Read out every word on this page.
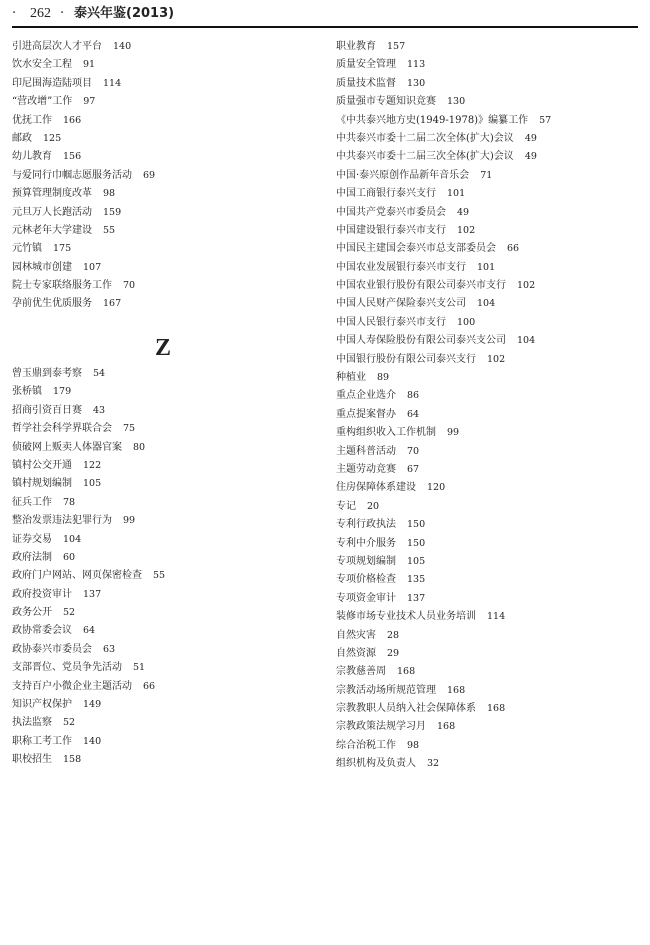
· 262 · 泰兴年鉴(2013)
引进高层次人才平台 140
饮水安全工程 91
印尼围海造陆项目 114
“营改增”工作 97
优抚工作 166
邮政 125
幼儿教育 156
与爱同行巾帼志愿服务活动 69
预算管理制度改革 98
元旦万人长跑活动 159
元林老年大学建设 55
元竹镇 175
园林城市创建 107
院士专家联络服务工作 70
孕前优生优质服务 167
Z
曾玉鼎到泰考察 54
张桥镇 179
招商引资百日赛 43
哲学社会科学界联合会 75
侦破网上贩卖人体器官案 80
镇村公交开通 122
镇村规划编制 105
征兵工作 78
整治发票违法犯罪行为 99
证券交易 104
政府法制 60
政府门户网站、网页保密检查 55
政府投资审计 137
政务公开 52
政协常委会议 64
政协泰兴市委员会 63
支部晋位、党员争先活动 51
支持百户小微企业主题活动 66
知识产权保护 149
执法监察 52
职称工考工作 140
职校招生 158
职业教育 157
质量安全管理 113
质量技术监督 130
质量强市专题知识竞赛 130
《中共泰兴地方史(1949-1978)》编纂工作 57
中共泰兴市委十二届二次全体(扩大)会议 49
中共泰兴市委十二届三次全体(扩大)会议 49
中国·泰兴原创作品新年音乐会 71
中国工商银行泰兴支行 101
中国共产党泰兴市委员会 49
中国建设银行泰兴市支行 102
中国民主建国会泰兴市总支部委员会 66
中国农业发展银行泰兴市支行 101
中国农业银行股份有限公司泰兴市支行 102
中国人民财产保险泰兴支公司 104
中国人民银行泰兴市支行 100
中国人寿保险股份有限公司泰兴支公司 104
中国银行股份有限公司泰兴支行 102
种植业 89
重点企业选介 86
重点提案督办 64
重构组织收入工作机制 99
主题科普活动 70
主题劳动竞赛 67
住房保障体系建设 120
专记 20
专利行政执法 150
专利中介服务 150
专项规划编制 105
专项价格检查 135
专项资金审计 137
装修市场专业技术人员业务培训 114
自然灾害 28
自然资源 29
宗教慈善周 168
宗教活动场所规范管理 168
宗教教职人员纳入社会保障体系 168
宗教政策法规学习月 168
综合治税工作 98
组织机构及负责人 32
